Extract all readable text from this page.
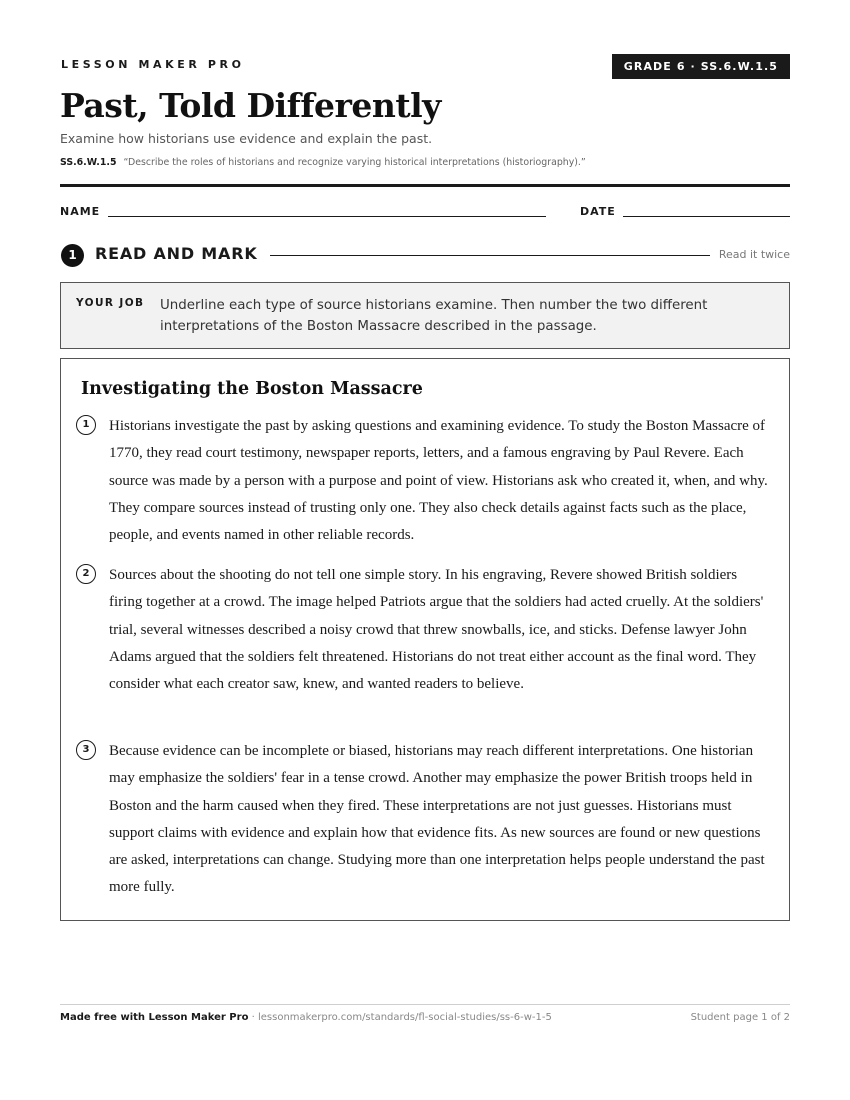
LESSON MAKER PRO	GRADE 6 · SS.6.W.1.5
Past, Told Differently
Examine how historians use evidence and explain the past.
SS.6.W.1.5 “Describe the roles of historians and recognize varying historical interpretations (historiography).”
NAME	DATE
1	READ AND MARK	Read it twice
YOUR JOB Underline each type of source historians examine. Then number the two different interpretations of the Boston Massacre described in the passage.
Investigating the Boston Massacre
1	Historians investigate the past by asking questions and examining evidence. To study the Boston Massacre of 1770, they read court testimony, newspaper reports, letters, and a famous engraving by Paul Revere. Each source was made by a person with a purpose and point of view. Historians ask who created it, when, and why. They compare sources instead of trusting only one. They also check details against facts such as the place, people, and events named in other reliable records.
2	Sources about the shooting do not tell one simple story. In his engraving, Revere showed British soldiers firing together at a crowd. The image helped Patriots argue that the soldiers had acted cruelly. At the soldiers' trial, several witnesses described a noisy crowd that threw snowballs, ice, and sticks. Defense lawyer John Adams argued that the soldiers felt threatened. Historians do not treat either account as the final word. They consider what each creator saw, knew, and wanted readers to believe.
3	Because evidence can be incomplete or biased, historians may reach different interpretations. One historian may emphasize the soldiers' fear in a tense crowd. Another may emphasize the power British troops held in Boston and the harm caused when they fired. These interpretations are not just guesses. Historians must support claims with evidence and explain how that evidence fits. As new sources are found or new questions are asked, interpretations can change. Studying more than one interpretation helps people understand the past more fully.
Made free with Lesson Maker Pro · lessonmakerpro.com/standards/fl-social-studies/ss-6-w-1-5	Student page 1 of 2
